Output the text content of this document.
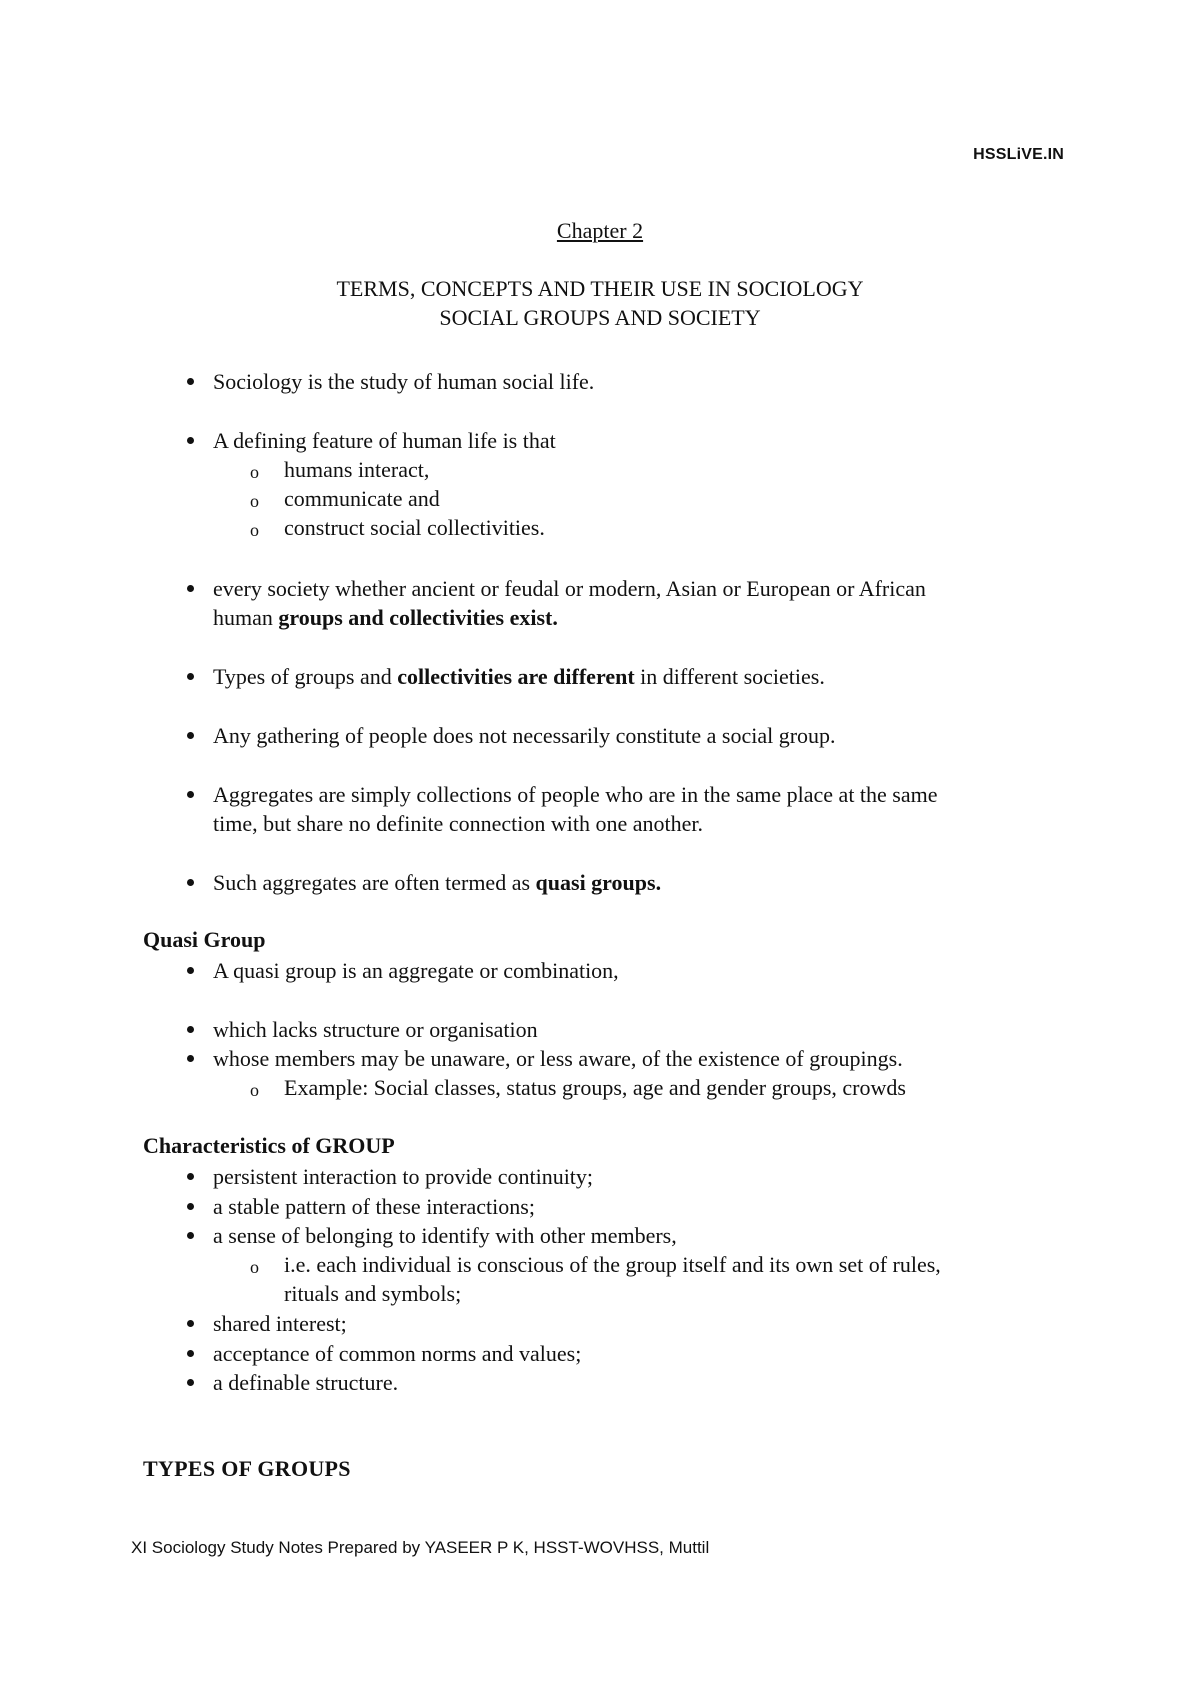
HSSLiVE.IN
Chapter 2
TERMS, CONCEPTS AND THEIR USE IN SOCIOLOGY
SOCIAL GROUPS AND SOCIETY
Sociology is the study of human social life.
A defining feature of human life is that
o humans interact,
o communicate and
o construct social collectivities.
every society whether ancient or feudal or modern, Asian or European or African
human groups and collectivities exist.
Types of groups and collectivities are different in different societies.
Any gathering of people does not necessarily constitute a social group.
Aggregates are simply collections of people who are in the same place at the same
time, but share no definite connection with one another.
Such aggregates are often termed as quasi groups.
Quasi Group
A quasi group is an aggregate or combination,
which lacks structure or organisation
whose members may be unaware, or less aware, of the existence of groupings.
o Example: Social classes, status groups, age and gender groups, crowds
Characteristics of GROUP
persistent interaction to provide continuity;
a stable pattern of these interactions;
a sense of belonging to identify with other members,
o i.e. each individual is conscious of the group itself and its own set of rules,
rituals and symbols;
shared interest;
acceptance of common norms and values;
a definable structure.
TYPES OF GROUPS
XI Sociology Study Notes Prepared by YASEER P K, HSST-WOVHSS, Muttil
